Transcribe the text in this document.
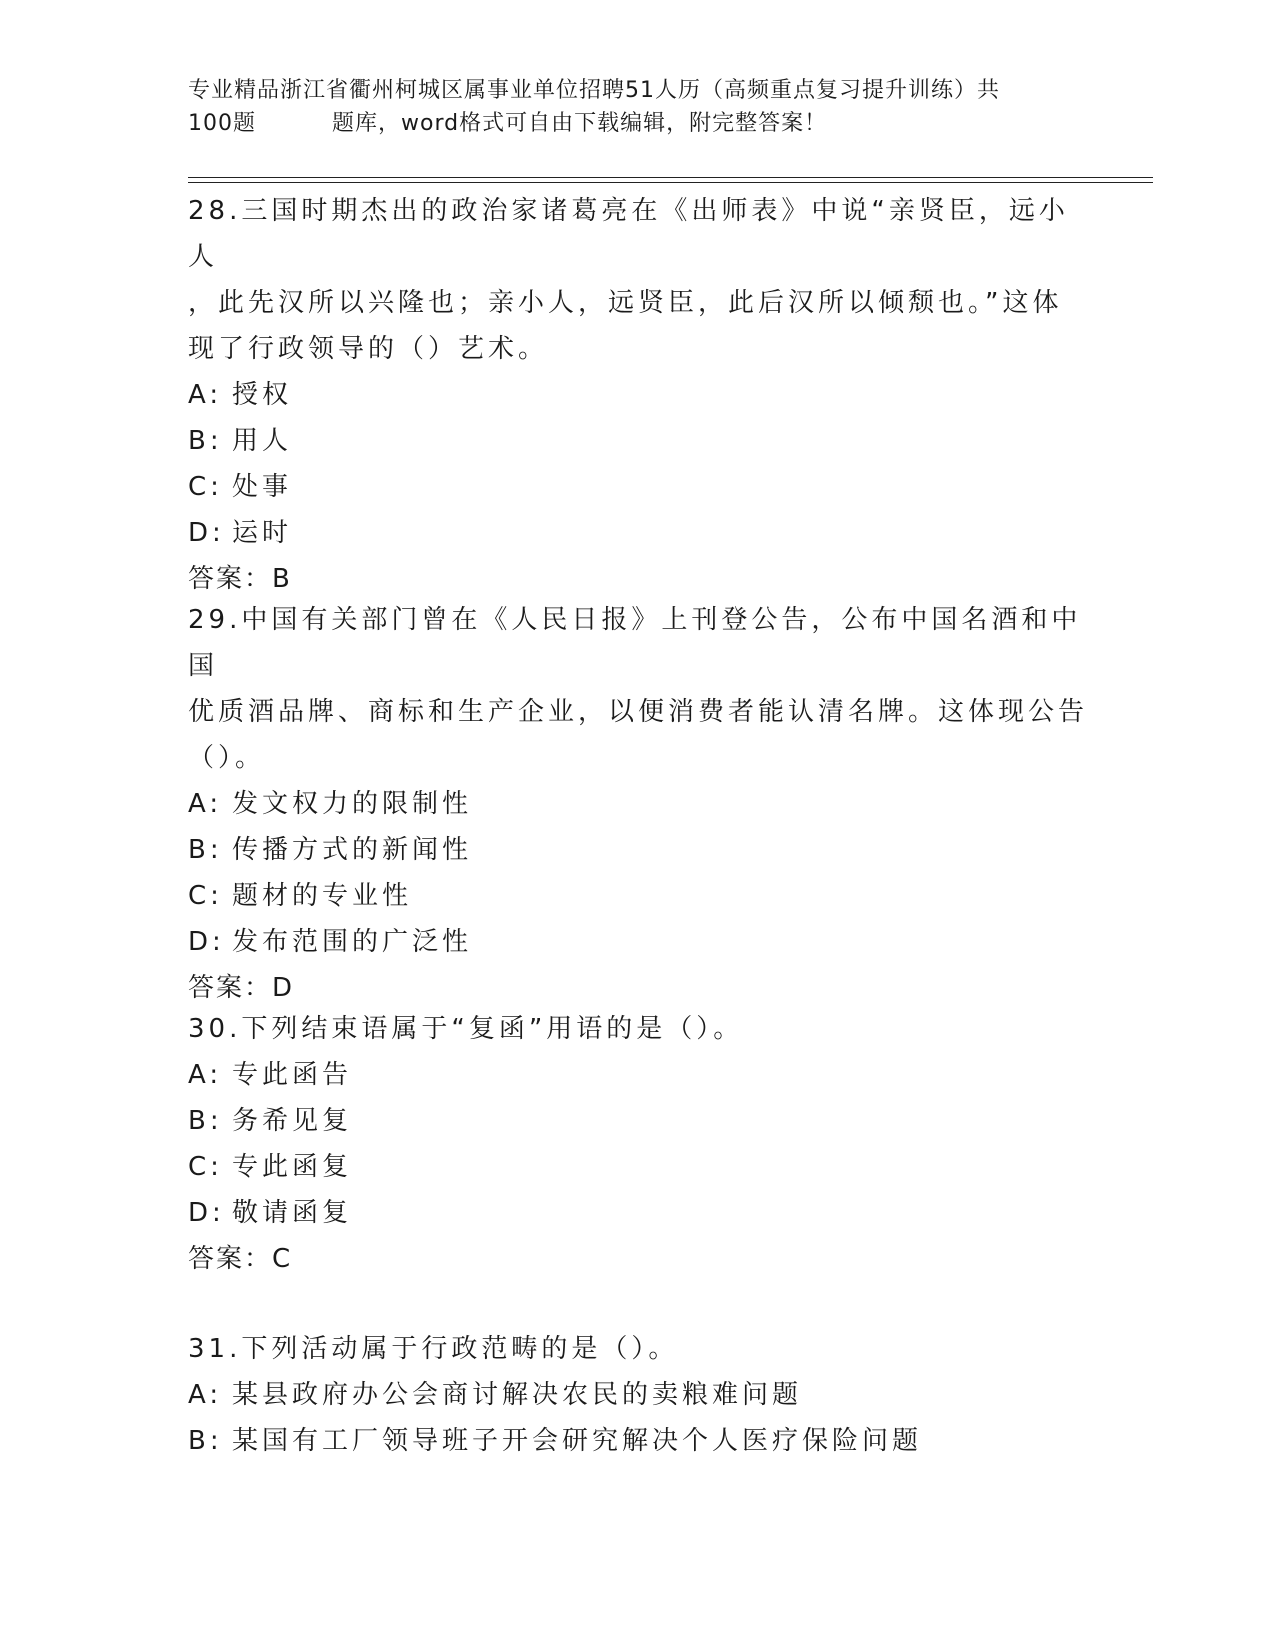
专业精品浙江省衢州柯城区属事业单位招聘51人历（高频重点复习提升训练）共
100题	题库，word格式可自由下载编辑，附完整答案！
28.三国时期杰出的政治家诸葛亮在《出师表》中说“亲贤臣，远小人
，此先汉所以兴隆也；亲小人，远贤臣，此后汉所以倾颓也。”这体
现了行政领导的（）艺术。
A: 授权
B: 用人
C: 处事
D: 运时
答案：B
29.中国有关部门曾在《人民日报》上刊登公告，公布中国名酒和中国
优质酒品牌、商标和生产企业，以便消费者能认清名牌。这体现公告
（）。
A: 发文权力的限制性
B: 传播方式的新闻性
C: 题材的专业性
D: 发布范围的广泛性
答案：D
30.下列结束语属于“复函”用语的是（）。
A: 专此函告
B: 务希见复
C: 专此函复
D: 敬请函复
答案：C
31.下列活动属于行政范畴的是（）。
A: 某县政府办公会商讨解决农民的卖粮难问题
B: 某国有工厂领导班子开会研究解决个人医疗保险问题
